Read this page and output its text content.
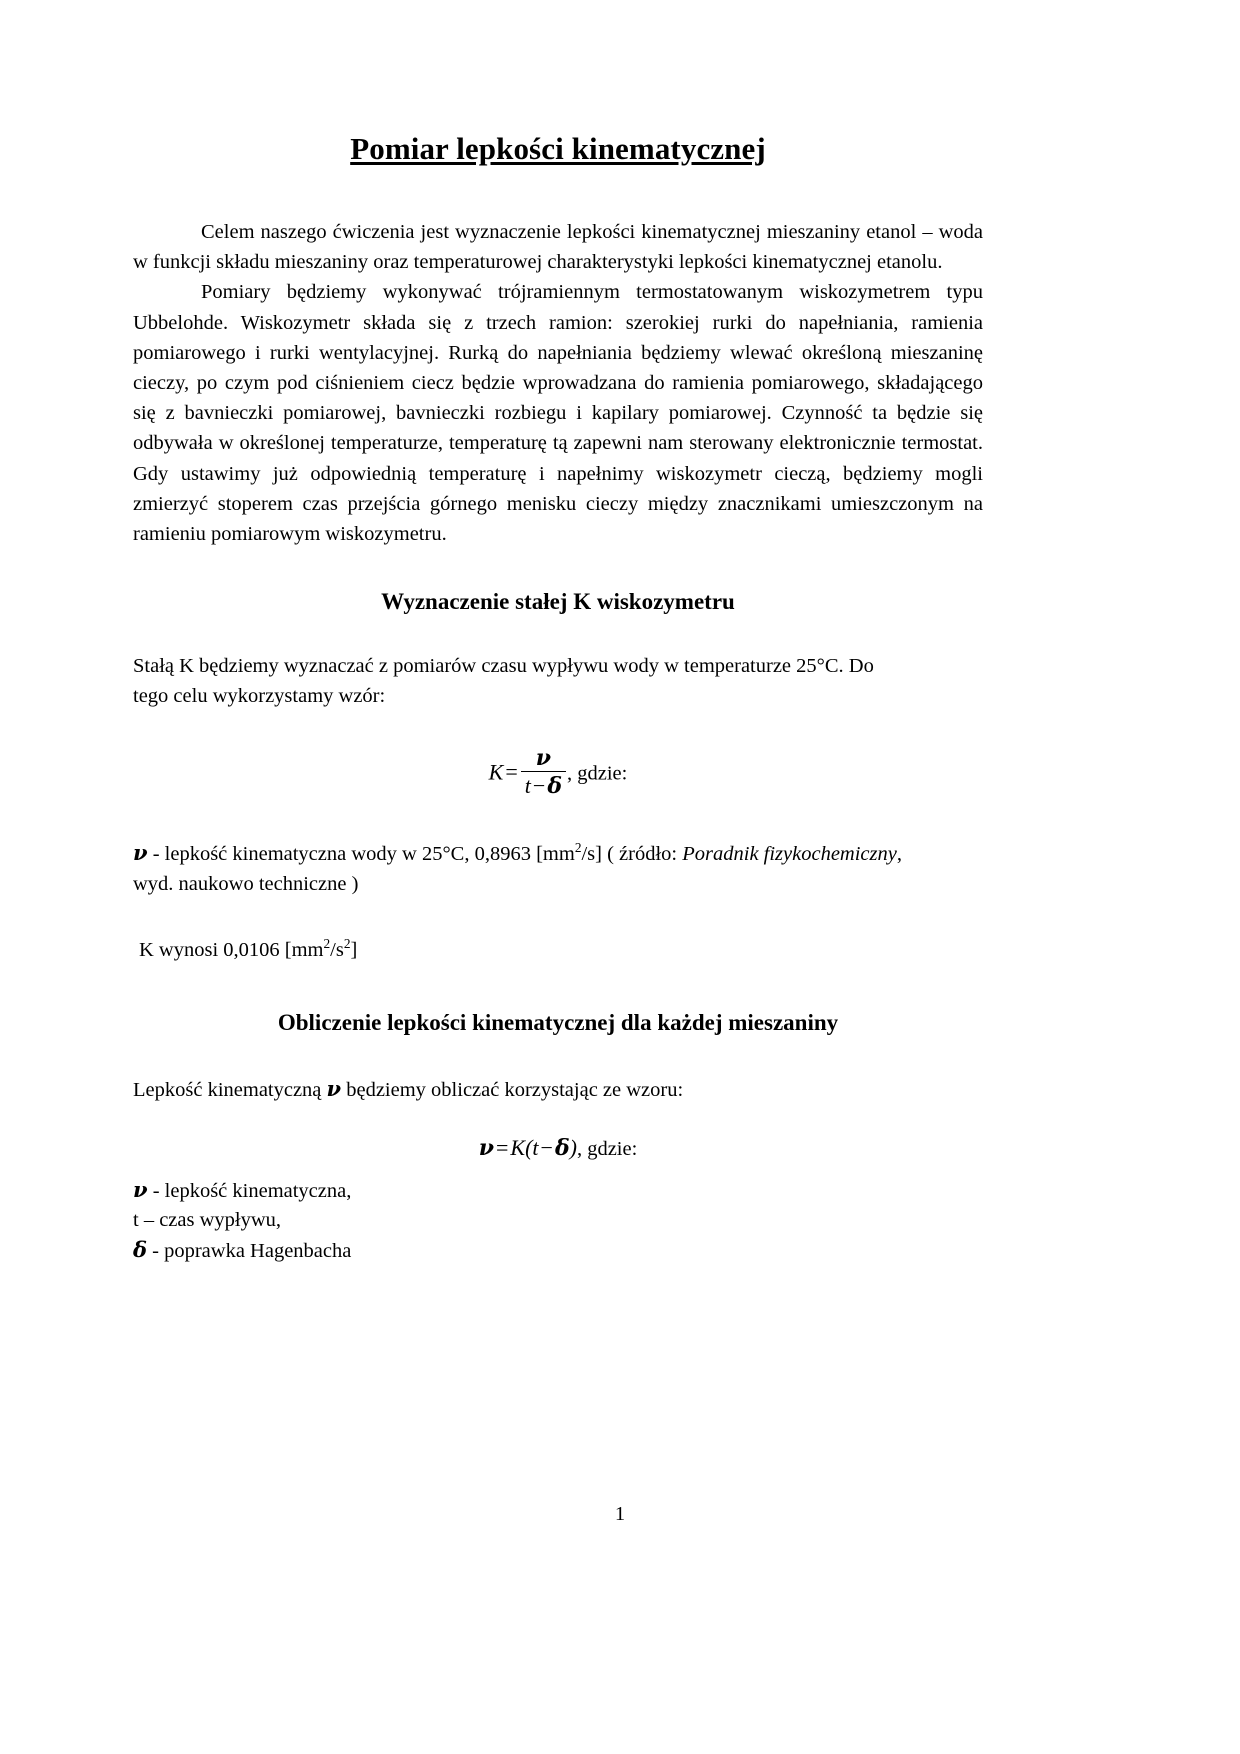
Pomiar lepkości kinematycznej

Celem naszego ćwiczenia jest wyznaczenie lepkości kinematycznej mieszaniny etanol – woda w funkcji składu mieszaniny oraz temperaturowej charakterystyki lepkości kinematycznej etanolu.

Pomiary będziemy wykonywać trójramiennym termostatowanym wiskozymetrem typu Ubbelohde. Wiskozymetr składa się z trzech ramion: szerokiej rurki do napełniania, ramienia pomiarowego i rurki wentylacyjnej. Rurką do napełniania będziemy wlewać określoną mieszaninę cieczy, po czym pod ciśnieniem ciecz będzie wprowadzana do ramienia pomiarowego, składającego się z bavnieczki pomiarowej, bavnieczki rozbiegu i kapilary pomiarowej. Czynność ta będzie się odbywała w określonej temperaturze, temperaturę tą zapewni nam sterowany elektronicznie termostat. Gdy ustawimy już odpowiednią temperaturę i napełnimy wiskozymetr cieczą, będziemy mogli zmierzyć stoperem czas przejścia górnego menisku cieczy między znacznikami umieszczonym na ramieniu pomiarowym wiskozymetru.

Wyznaczenie stałej K wiskozymetru

Stałą K będziemy wyznaczać z pomiarów czasu wypływu wody w temperaturze 25°C. Do
tego celu wykorzystamy wzór:

$K= \frac{\nu}{t-\delta}$ , gdzie:

ν - lepkość kinematyczna wody w 25°C, 0,8963 $[mm^2/s]$ ( źródło: Poradnik fizykochemiczny,
wyd. naukowo techniczne )

K wynosi 0,0106 $[mm^2/s^2]$

Obliczenie lepkości kinematycznej dla każdej mieszaniny

Lepkość kinematyczną ν będziemy obliczać korzystając ze wzoru:

ν=K(t−δ), gdzie:

ν - lepkość kinematyczna,
t – czas wypływu,
δ - poprawka Hagenbacha

1
